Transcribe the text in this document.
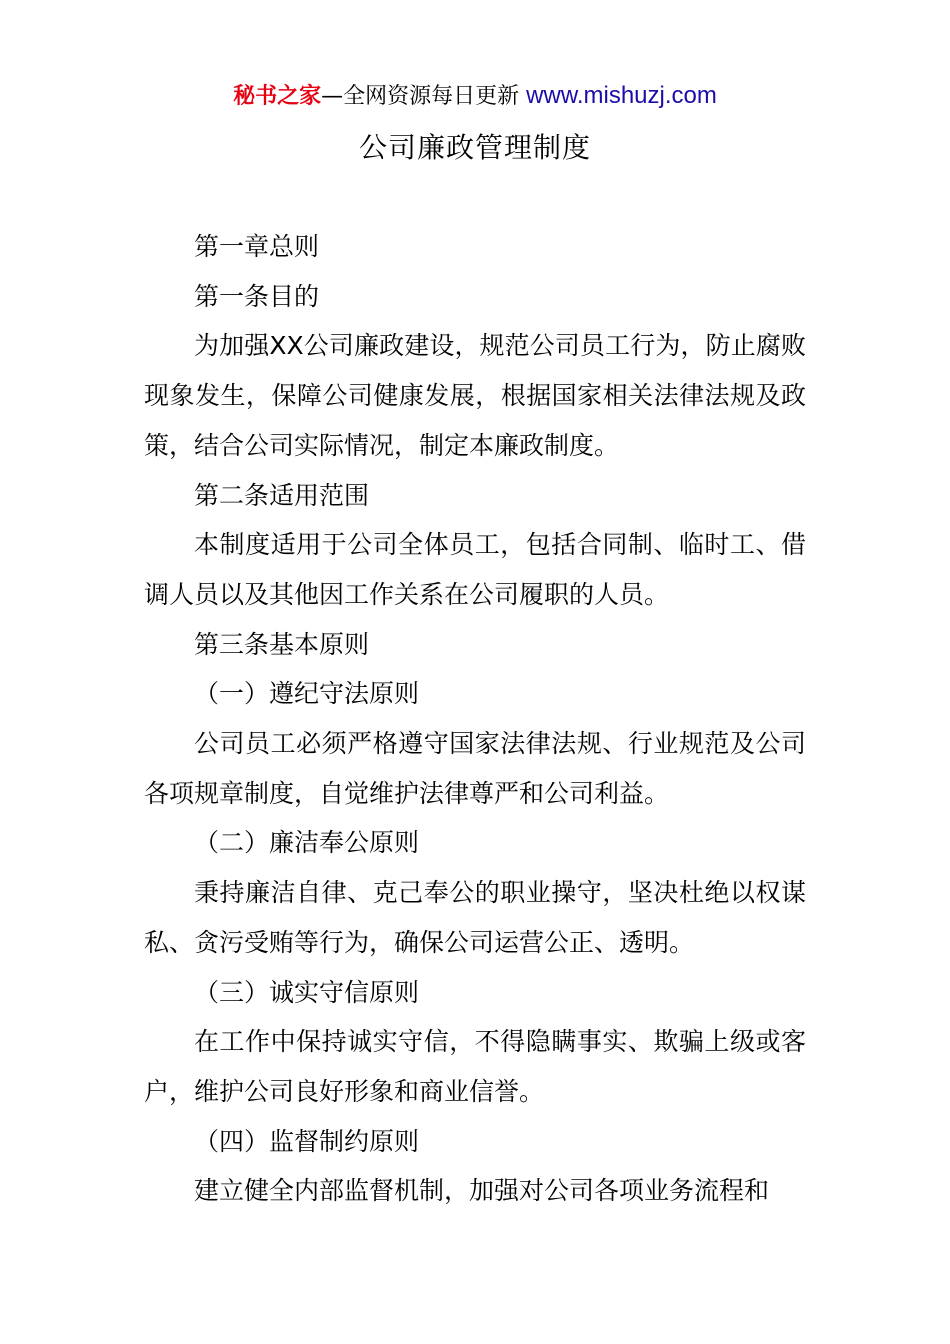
秘书之家—全网资源每日更新 www.mishuzj.com
公司廉政管理制度

第一章总则

第一条目的

为加强XX公司廉政建设，规范公司员工行为，防止腐败现象发生，保障公司健康发展，根据国家相关法律法规及政策，结合公司实际情况，制定本廉政制度。

第二条适用范围

本制度适用于公司全体员工，包括合同制、临时工、借调人员以及其他因工作关系在公司履职的人员。

第三条基本原则

（一）遵纪守法原则

公司员工必须严格遵守国家法律法规、行业规范及公司各项规章制度，自觉维护法律尊严和公司利益。

（二）廉洁奉公原则

秉持廉洁自律、克己奉公的职业操守，坚决杜绝以权谋私、贪污受贿等行为，确保公司运营公正、透明。

（三）诚实守信原则

在工作中保持诚实守信，不得隐瞒事实、欺骗上级或客户，维护公司良好形象和商业信誉。

（四）监督制约原则

建立健全内部监督机制，加强对公司各项业务流程和
